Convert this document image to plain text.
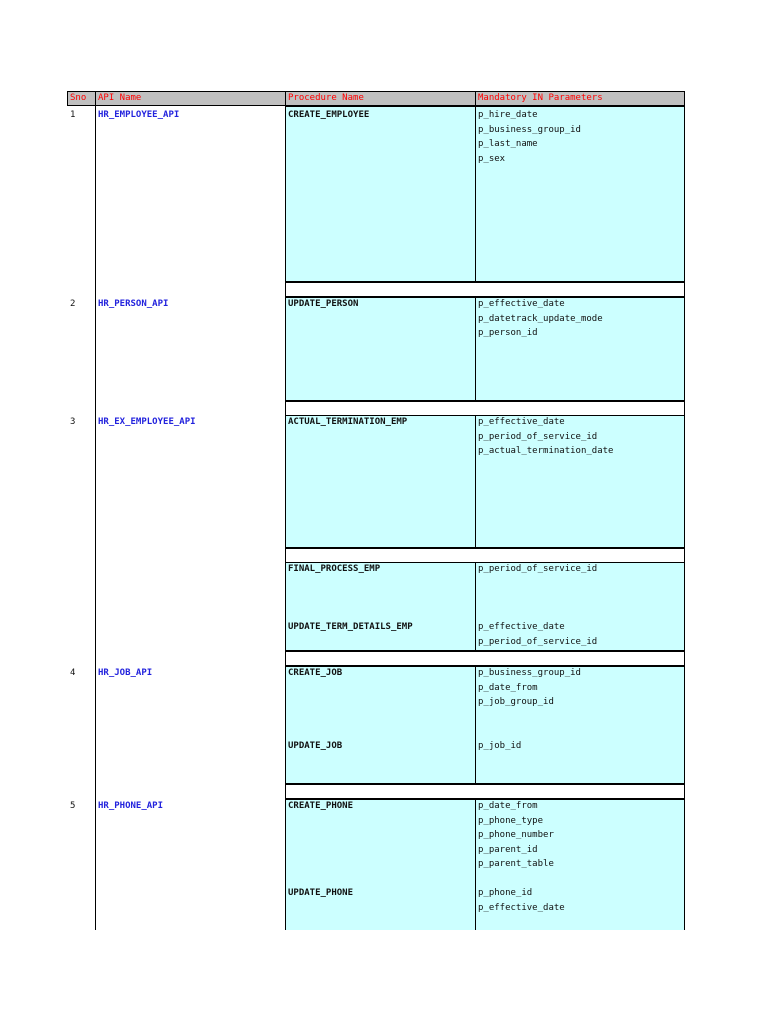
Sno	API Name	Procedure Name	Mandatory IN Parameters
1	HR_EMPLOYEE_API	CREATE_EMPLOYEE	p_hire_date
p_business_group_id
p_last_name
p_sex
2	HR_PERSON_API	UPDATE_PERSON	p_effective_date
p_datetrack_update_mode
p_person_id
3	HR_EX_EMPLOYEE_API	ACTUAL_TERMINATION_EMP	p_effective_date
p_period_of_service_id
p_actual_termination_date
FINAL_PROCESS_EMP	p_period_of_service_id
UPDATE_TERM_DETAILS_EMP	p_effective_date
p_period_of_service_id
4	HR_JOB_API	CREATE_JOB	p_business_group_id
p_date_from
p_job_group_id
UPDATE_JOB	p_job_id
5	HR_PHONE_API	CREATE_PHONE	p_date_from
p_phone_type
p_phone_number
p_parent_id
p_parent_table
UPDATE_PHONE	p_phone_id
p_effective_date
